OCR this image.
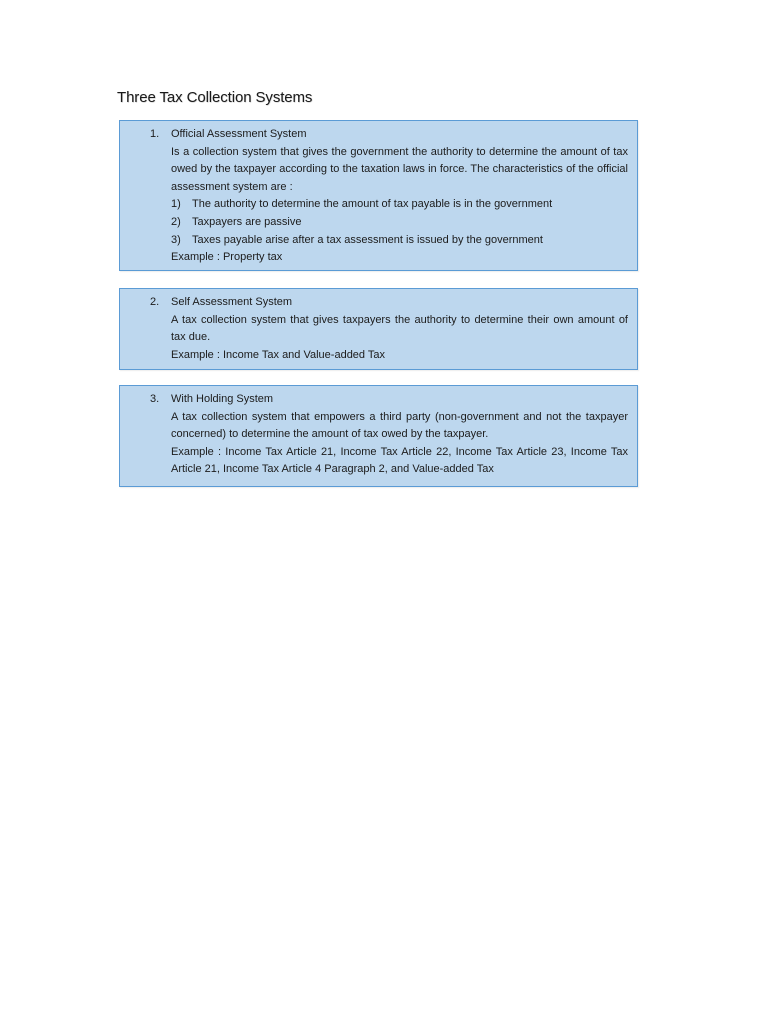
Three Tax Collection Systems
1. Official Assessment System

Is a collection system that gives the government the authority to determine the amount of tax owed by the taxpayer according to the taxation laws in force. The characteristics of the official assessment system are :

1)	The authority to determine the amount of tax payable is in the government
2)	Taxpayers are passive
3)	Taxes payable arise after a tax assessment is issued by the government

Example : Property tax

2. Self Assessment System

A tax collection system that gives taxpayers the authority to determine their own amount of tax due.

Example : Income Tax and Value-added Tax

3. With Holding System

A tax collection system that empowers a third party (non-government and not the taxpayer concerned) to determine the amount of tax owed by the taxpayer.

Example : Income Tax Article 21, Income Tax Article 22, Income Tax Article 23, Income Tax Article 21, Income Tax Article 4 Paragraph 2, and Value-added Tax
